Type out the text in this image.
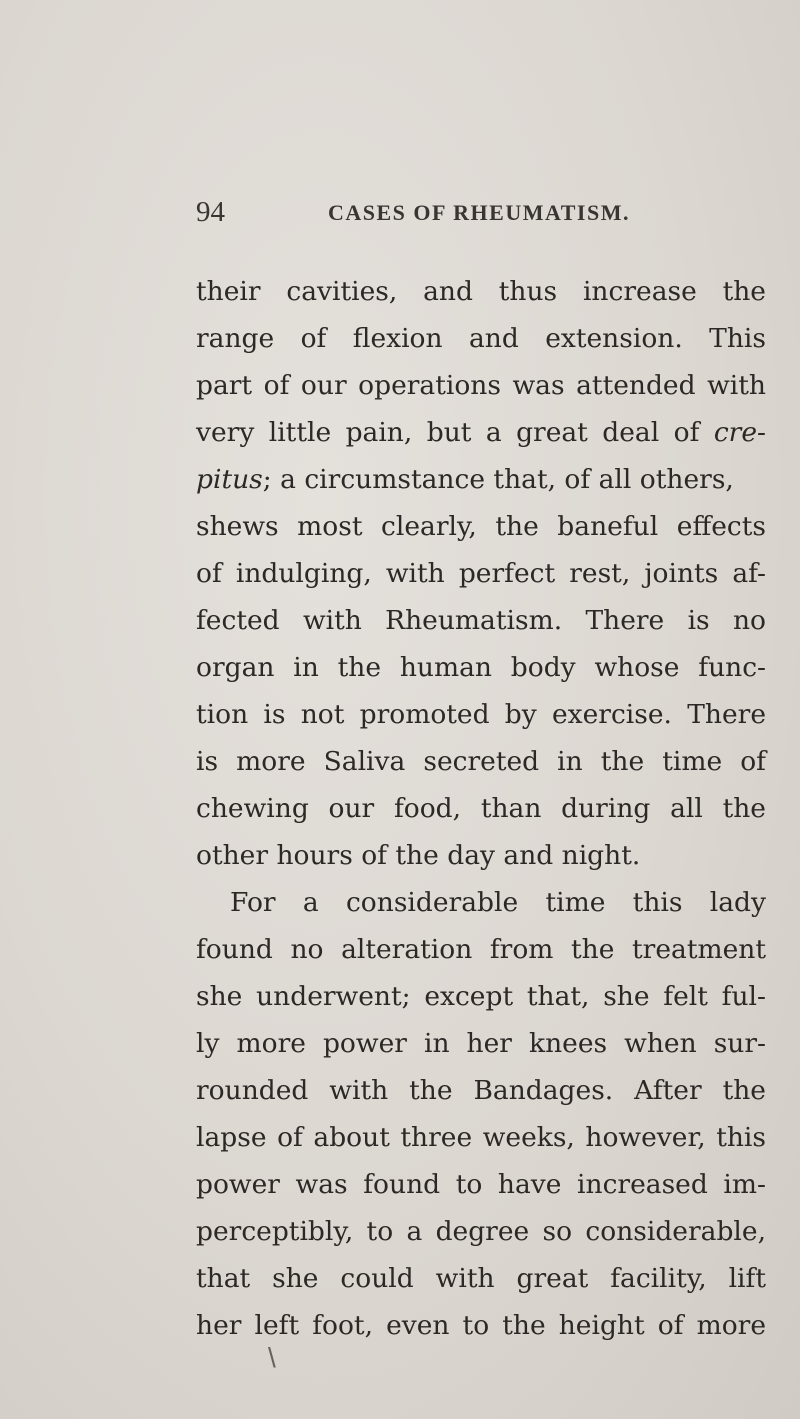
94	CASES OF RHEUMATISM.
their cavities, and thus increase the
range of flexion and extension. This
part of our operations was attended with
very little pain, but a great deal of cre-
pitus; a circumstance that, of all others,
shews most clearly, the baneful effects
of indulging, with perfect rest, joints af-
fected with Rheumatism. There is no
organ in the human body whose func-
tion is not promoted by exercise. There
is more Saliva secreted in the time of
chewing our food, than during all the
other hours of the day and night.
For a considerable time this lady
found no alteration from the treatment
she underwent; except that, she felt ful-
ly more power in her knees when sur-
rounded with the Bandages. After the
lapse of about three weeks, however, this
power was found to have increased im-
perceptibly, to a degree so considerable,
that she could with great facility, lift
her left foot, even to the height of more
\
